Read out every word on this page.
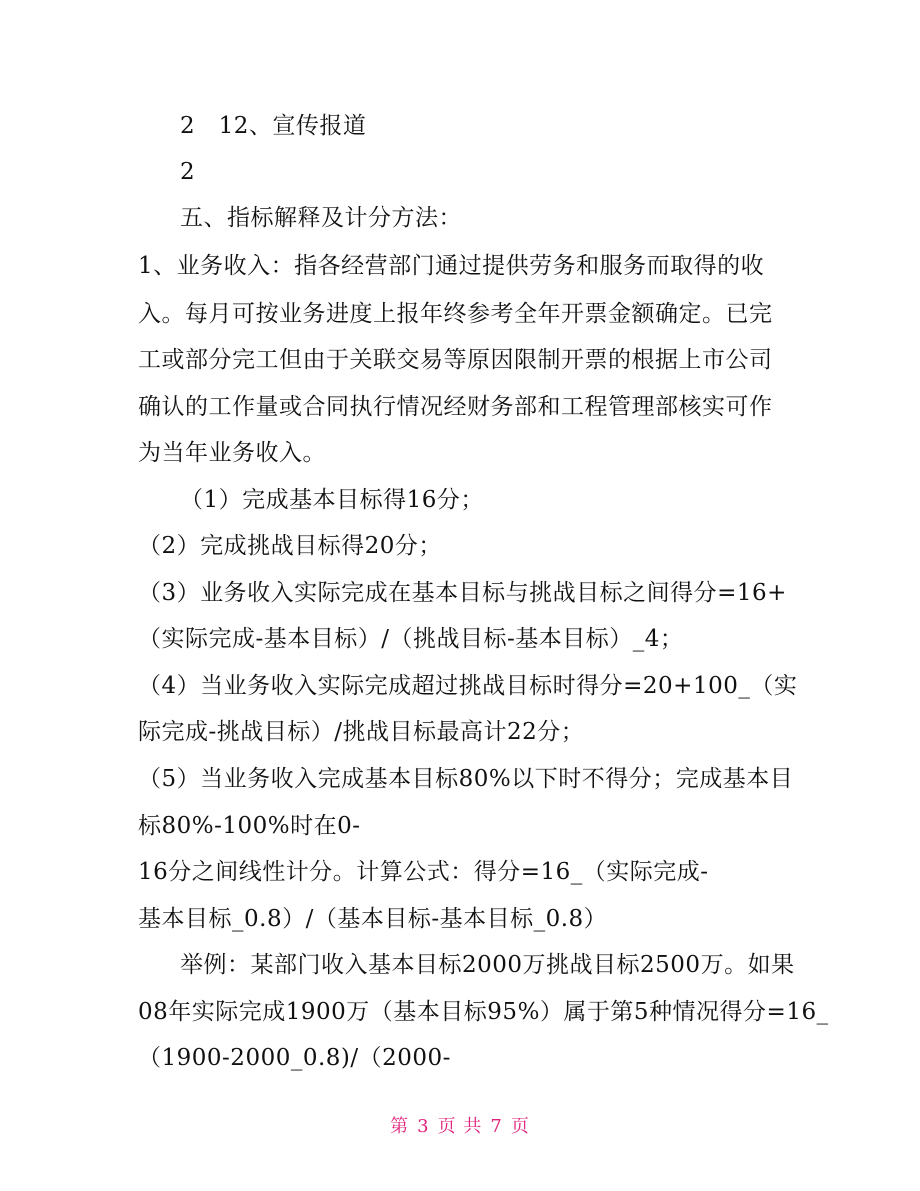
2　12、宣传报道
2
五、指标解释及计分方法：
1、业务收入：指各经营部门通过提供劳务和服务而取得的收
入。每月可按业务进度上报年终参考全年开票金额确定。已完
工或部分完工但由于关联交易等原因限制开票的根据上市公司
确认的工作量或合同执行情况经财务部和工程管理部核实可作
为当年业务收入。
（1）完成基本目标得16分；
（2）完成挑战目标得20分；
（3）业务收入实际完成在基本目标与挑战目标之间得分=16+
（实际完成-基本目标）/（挑战目标-基本目标）_4；
（4）当业务收入实际完成超过挑战目标时得分=20+100_（实
际完成-挑战目标）/挑战目标最高计22分；
（5）当业务收入完成基本目标80%以下时不得分；完成基本目
标80%-100%时在0-
16分之间线性计分。计算公式：得分=16_（实际完成-
基本目标_0.8）/（基本目标-基本目标_0.8）
举例：某部门收入基本目标2000万挑战目标2500万。如果
08年实际完成1900万（基本目标95%）属于第5种情况得分=16_
（1900-2000_0.8)/（2000-
第 3 页 共 7 页
